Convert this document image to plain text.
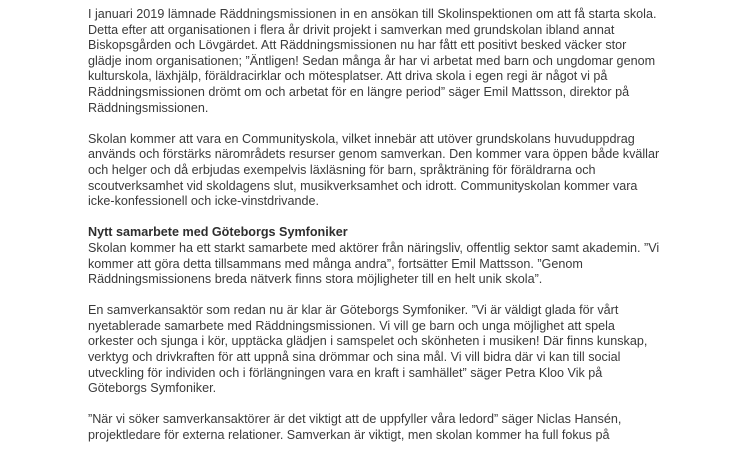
I januari 2019 lämnade Räddningsmissionen in en ansökan till Skolinspektionen om att få starta skola. Detta efter att organisationen i flera år drivit projekt i samverkan med grundskolan ibland annat Biskopsgården och Lövgärdet. Att Räddningsmissionen nu har fått ett positivt besked väcker stor glädje inom organisationen; ”Äntligen! Sedan många år har vi arbetat med barn och ungdomar genom kulturskola, läxhjälp, föräldracirklar och mötesplatser. Att driva skola i egen regi är något vi på Räddningsmissionen drömt om och arbetat för en längre period” säger Emil Mattsson, direktor på Räddningsmissionen.

Skolan kommer att vara en Communityskola, vilket innebär att utöver grundskolans huvuduppdrag används och förstärks närområdets resurser genom samverkan. Den kommer vara öppen både kvällar och helger och då erbjudas exempelvis läxläsning för barn, språkträning för föräldrarna och scoutverksamhet vid skoldagens slut, musikverksamhet och idrott. Communityskolan kommer vara icke-konfessionell och icke-vinstdrivande.

Nytt samarbete med Göteborgs Symfoniker

Skolan kommer ha ett starkt samarbete med aktörer från näringsliv, offentlig sektor samt akademin. ”Vi kommer att göra detta tillsammans med många andra”, fortsätter Emil Mattsson. ”Genom Räddningsmissionens breda nätverk finns stora möjligheter till en helt unik skola”.

En samverkansaktör som redan nu är klar är Göteborgs Symfoniker. ”Vi är väldigt glada för vårt nyetablerade samarbete med Räddningsmissionen. Vi vill ge barn och unga möjlighet att spela orkester och sjunga i kör, upptäcka glädjen i samspelet och skönheten i musiken! Där finns kunskap, verktyg och drivkraften för att uppnå sina drömmar och sina mål. Vi vill bidra där vi kan till social utveckling för individen och i förlängningen vara en kraft i samhället” säger Petra Kloo Vik på Göteborgs Symfoniker.

”När vi söker samverkansaktörer är det viktigt att de uppfyller våra ledord” säger Niclas Hansén, projektledare för externa relationer. Samverkan är viktigt, men skolan kommer ha full fokus på
